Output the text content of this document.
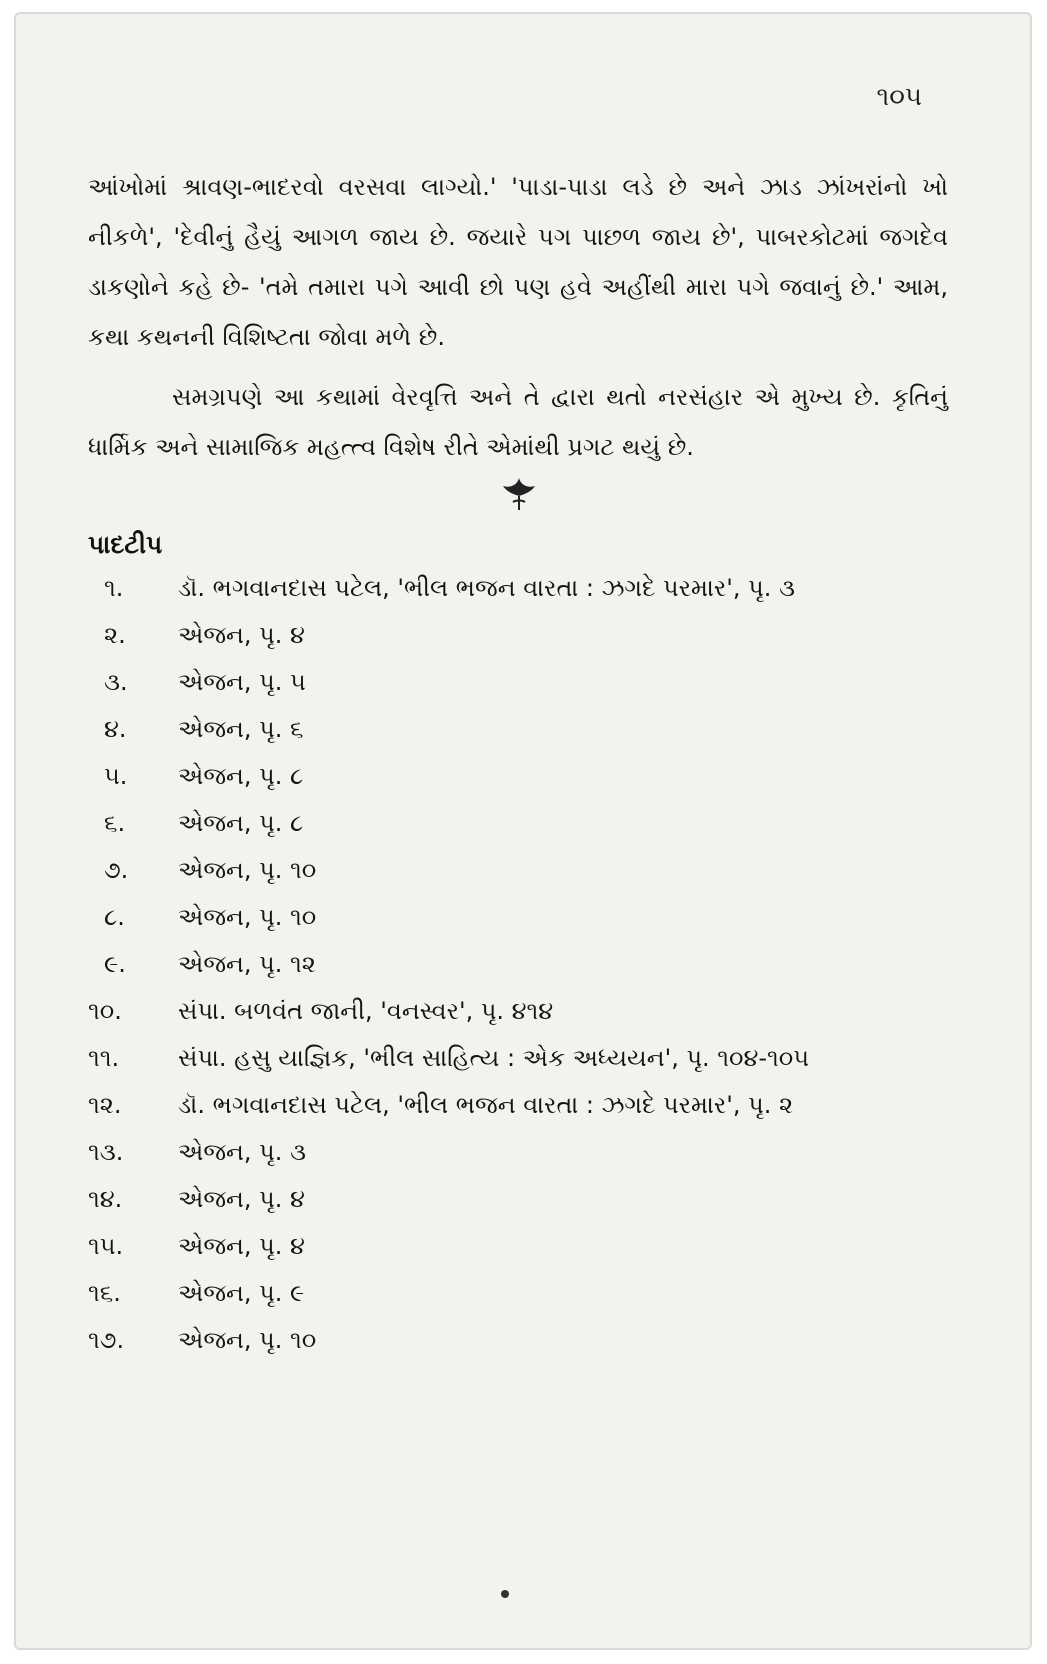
૧૦૫

આંખોમાં શ્રાવણ-ભાદરવો વરસવા લાગ્યો.' 'પાડા-પાડા લડે છે અને ઝાડ ઝાંખરાંનો ખો નીકળે', 'દેવીનું હૈયું આગળ જાય છે. જયારે પગ પાછળ જાય છે', પાબરકોટમાં જગદેવ ડાકણોને કહે છે- 'તમે તમારા પગે આવી છો પણ હવે અહીંથી મારા પગે જવાનું છે.' આમ, કથા કથનની વિશિષ્ટતા જોવા મળે છે.

સમગ્રપણે આ કથામાં વેરવૃત્તિ અને તે દ્વારા થતો નરસંહાર એ મુખ્ય છે. કૃતિનું ધાર્મિક અને સામાજિક મહત્ત્વ વિશેષ રીતે એમાંથી પ્રગટ થયું છે.

પાદટીપ
૧. ડૉ. ભગવાનદાસ પટેલ, 'ભીલ ભજન વારતા : ઝગદે પરમાર', પૃ. ૩
૨. એજન, પૃ. ૪
૩. એજન, પૃ. ૫
૪. એજન, પૃ. ૬
૫. એજન, પૃ. ૮
૬. એજન, પૃ. ૮
૭. એજન, પૃ. ૧૦
૮. એજન, પૃ. ૧૦
૯. એજન, પૃ. ૧૨
૧૦. સંપા. બળવંત જાની, 'વનસ્વર', પૃ. ૪૧૪
૧૧. સંપા. હસુ યાજ્ઞિક, 'ભીલ સાહિત્ય : એક અધ્યયન', પૃ. ૧૦૪-૧૦૫
૧૨. ડૉ. ભગવાનદાસ પટેલ, 'ભીલ ભજન વારતા : ઝગદે પરમાર', પૃ. ૨
૧૩. એજન, પૃ. ૩
૧૪. એજન, પૃ. ૪
૧૫. એજન, પૃ. ૪
૧૬. એજન, પૃ. ૯
૧૭. એજન, પૃ. ૧૦
